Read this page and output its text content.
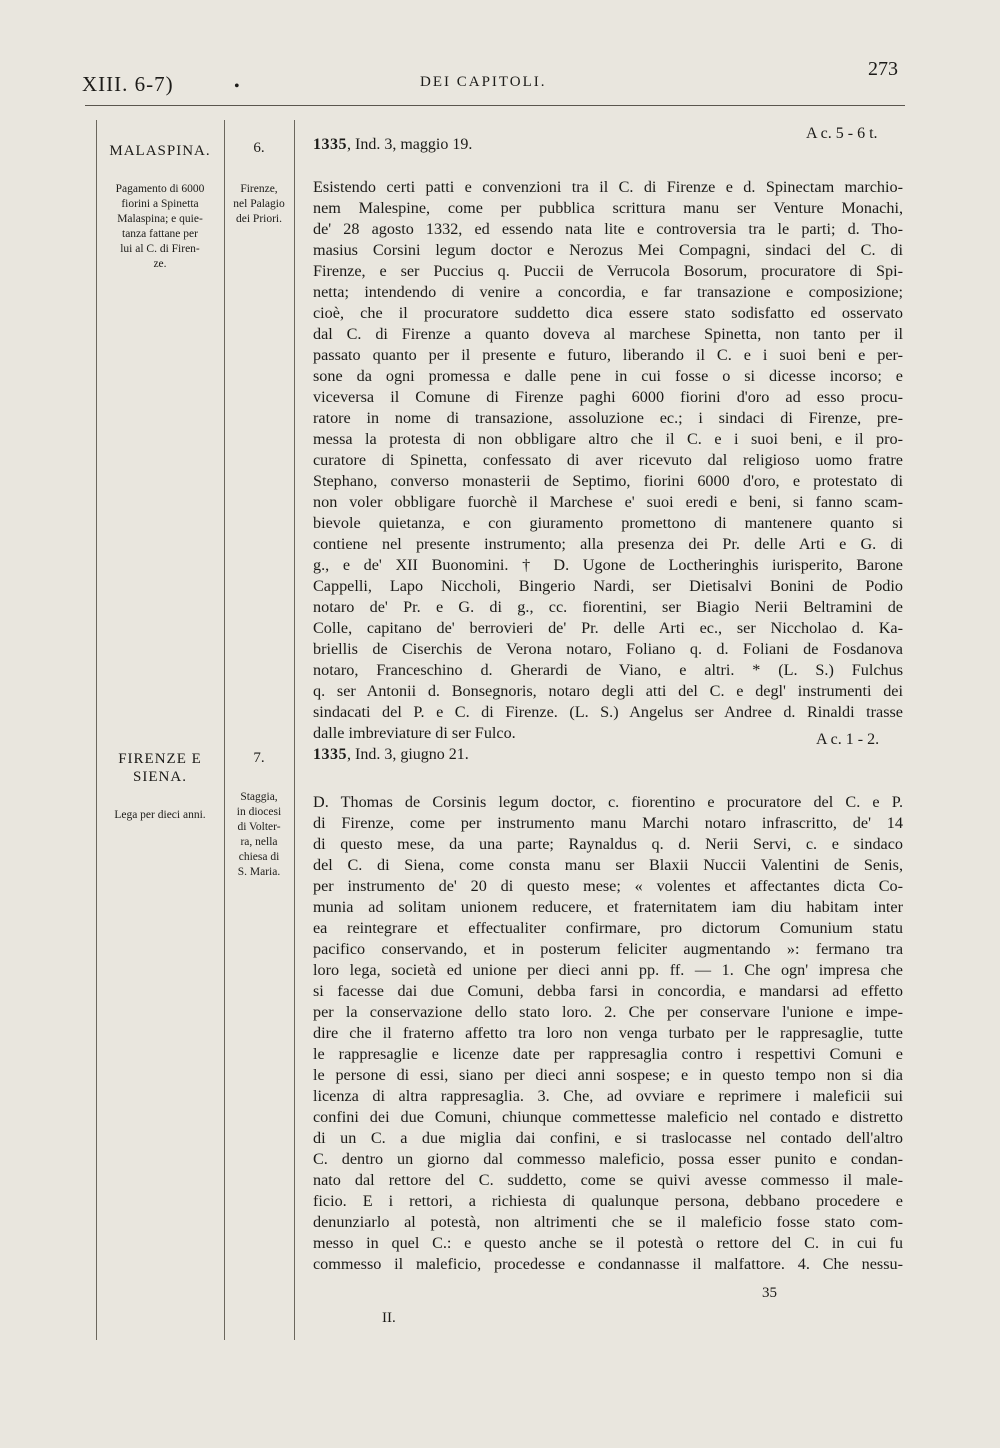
XIII. 6-7)	•	DEI CAPITOLI.
273
MALASPINA.
Pagamento di 6000
fiorini a Spinetta
Malaspina; e quie-
tanza fattane per
lui al C. di Firen-
ze.
6.
Firenze,
nel Palagio
dei Priori.
1335, Ind. 3, maggio 19.
A c. 5 - 6 t.
Esistendo certi patti e convenzioni tra il C. di Firenze e d. Spinectam marchio-
nem Malespine, come per pubblica scrittura manu ser Venture Monachi,
de' 28 agosto 1332, ed essendo nata lite e controversia tra le parti; d. Tho-
masius Corsini legum doctor e Nerozus Mei Compagni, sindaci del C. di
Firenze, e ser Puccius q. Puccii de Verrucola Bosorum, procuratore di Spi-
netta; intendendo di venire a concordia, e far transazione e composizione;
cioè, che il procuratore suddetto dica essere stato sodisfatto ed osservato
dal C. di Firenze a quanto doveva al marchese Spinetta, non tanto per il
passato quanto per il presente e futuro, liberando il C. e i suoi beni e per-
sone da ogni promessa e dalle pene in cui fosse o si dicesse incorso; e
viceversa il Comune di Firenze paghi 6000 fiorini d'oro ad esso procu-
ratore in nome di transazione, assoluzione ec.; i sindaci di Firenze, pre-
messa la protesta di non obbligare altro che il C. e i suoi beni, e il pro-
curatore di Spinetta, confessato di aver ricevuto dal religioso uomo fratre
Stephano, converso monasterii de Septimo, fiorini 6000 d'oro, e protestato di
non voler obbligare fuorchè il Marchese e' suoi eredi e beni, si fanno scam-
bievole quietanza, e con giuramento promettono di mantenere quanto si
contiene nel presente instrumento; alla presenza dei Pr. delle Arti e G. di
g., e de' XII Buonomini. † D. Ugone de Loctheringhis iurisperito, Barone
Cappelli, Lapo Niccholi, Bingerio Nardi, ser Dietisalvi Bonini de Podio
notaro de' Pr. e G. di g., cc. fiorentini, ser Biagio Nerii Beltramini de
Colle, capitano de' berrovieri de' Pr. delle Arti ec., ser Niccholao d. Ka-
briellis de Ciserchis de Verona notaro, Foliano q. d. Foliani de Fosdanova
notaro, Franceschino d. Gherardi de Viano, e altri. * (L. S.) Fulchus
q. ser Antonii d. Bonsegnoris, notaro degli atti del C. e degl' instrumenti dei
sindacati del P. e C. di Firenze. (L. S.) Angelus ser Andree d. Rinaldi trasse
dalle imbreviature di ser Fulco.
FIRENZE E
SIENA.
Lega per dieci anni.
7.
Staggia,
in diocesi
di Volter-
ra, nella
chiesa di
S. Maria.
1335, Ind. 3, giugno 21.
A c. 1 - 2.
D. Thomas de Corsinis legum doctor, c. fiorentino e procuratore del C. e P.
di Firenze, come per instrumento manu Marchi notaro infrascritto, de' 14
di questo mese, da una parte; Raynaldus q. d. Nerii Servi, c. e sindaco
del C. di Siena, come consta manu ser Blaxii Nuccii Valentini de Senis,
per instrumento de' 20 di questo mese; « volentes et affectantes dicta Co-
munia ad solitam unionem reducere, et fraternitatem iam diu habitam inter
ea reintegrare et effectualiter confirmare, pro dictorum Comunium statu
pacifico conservando, et in posterum feliciter augmentando »: fermano tra
loro lega, società ed unione per dieci anni pp. ff. — 1. Che ogn' impresa che
si facesse dai due Comuni, debba farsi in concordia, e mandarsi ad effetto
per la conservazione dello stato loro. 2. Che per conservare l'unione e impe-
dire che il fraterno affetto tra loro non venga turbato per le rappresaglie, tutte
le rappresaglie e licenze date per rappresaglia contro i respettivi Comuni e
le persone di essi, siano per dieci anni sospese; e in questo tempo non si dia
licenza di altra rappresaglia. 3. Che, ad ovviare e reprimere i maleficii sui
confini dei due Comuni, chiunque commettesse maleficio nel contado e distretto
di un C. a due miglia dai confini, e si traslocasse nel contado dell'altro
C. dentro un giorno dal commesso maleficio, possa esser punito e condan-
nato dal rettore del C. suddetto, come se quivi avesse commesso il male-
ficio. E i rettori, a richiesta di qualunque persona, debbano procedere e
denunziarlo al potestà, non altrimenti che se il maleficio fosse stato com-
messo in quel C.: e questo anche se il potestà o rettore del C. in cui fu
commesso il maleficio, procedesse e condannasse il malfattore. 4. Che nessu-
35
II.
